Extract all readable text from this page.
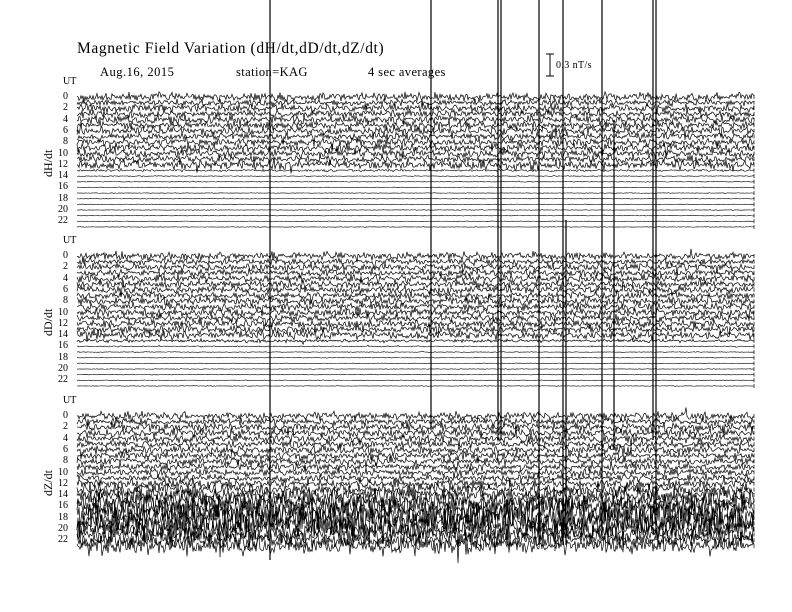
Magnetic Field Variation (dH/dt,dD/dt,dZ/dt)
Aug.16, 2015	station=KAG	4 sec averages	0.3 nT/s
UT
dH/dt
0
2
4
6
8
10
12
14
16
18
20
22
UT
dD/dt
0
2
4
6
8
10
12
14
16
18
20
22
UT
dZ/dt
0
2
4
6
8
10
12
14
16
18
20
22
